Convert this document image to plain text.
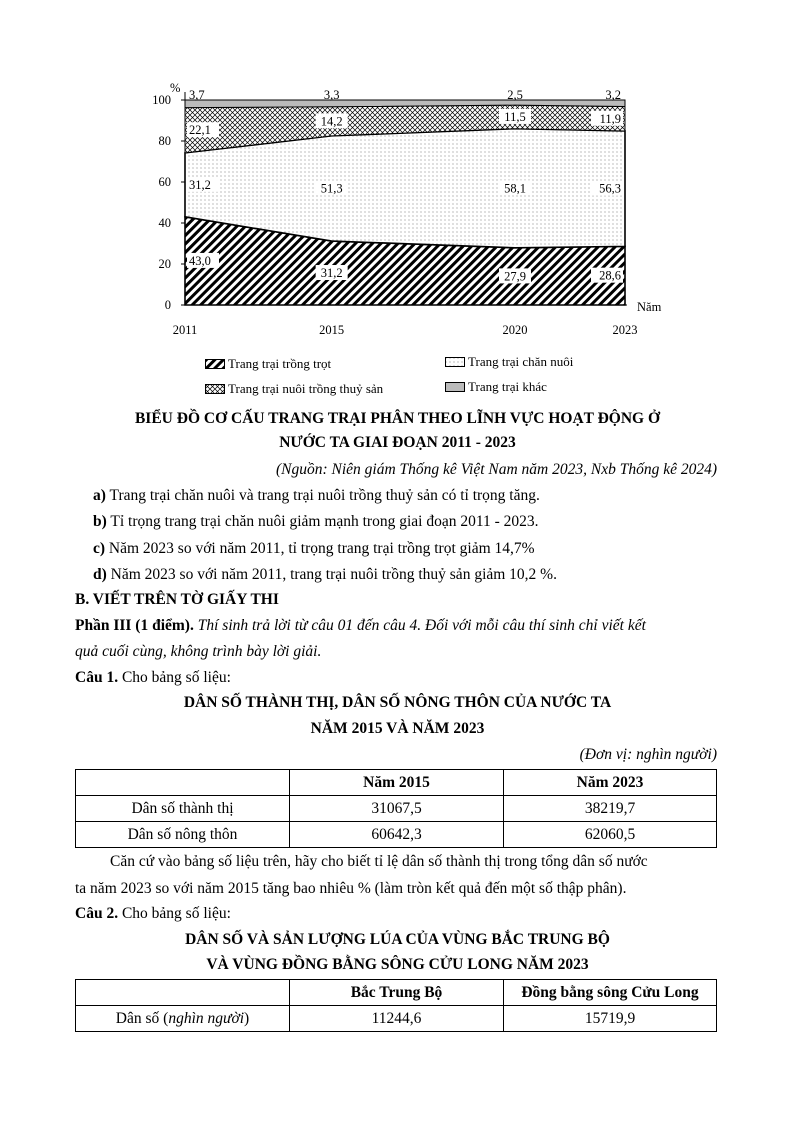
0
20
40
60
80
100
2011	2015	2020	2023
%
Năm
43,0
31,2	27,9	28,6
31,2	51,3	58,1	56,3
22,1
14,2	11,5	11,9
3,7	3,3	2,5	3,2
Trang trại trồng trọt	Trang trại chăn nuôi
Trang trại nuôi trồng thuỷ sản	Trang trại khác
BIỂU ĐỒ CƠ CẤU TRANG TRẠI PHÂN THEO LĨNH VỰC HOẠT ĐỘNG Ở
NƯỚC TA GIAI ĐOẠN 2011 - 2023
(Nguồn: Niên giám Thống kê Việt Nam năm 2023, Nxb Thống kê 2024)
a) Trang trại chăn nuôi và trang trại nuôi trồng thuỷ sản có tỉ trọng tăng.
b) Tỉ trọng trang trại chăn nuôi giảm mạnh trong giai đoạn 2011 - 2023.
c) Năm 2023 so với năm 2011, tỉ trọng trang trại trồng trọt giảm 14,7%
d) Năm 2023 so với năm 2011, trang trại nuôi trồng thuỷ sản giảm 10,2 %.
B. VIẾT TRÊN TỜ GIẤY THI
Phần III (1 điểm). Thí sinh trả lời từ câu 01 đến câu 4. Đối với mỗi câu thí sinh chỉ viết kết
quả cuối cùng, không trình bày lời giải.
Câu 1. Cho bảng số liệu:
DÂN SỐ THÀNH THỊ, DÂN SỐ NÔNG THÔN CỦA NƯỚC TA
NĂM 2015 VÀ NĂM 2023
(Đơn vị: nghìn người)
	Năm 2015	Năm 2023
Dân số thành thị	31067,5	38219,7
Dân số nông thôn	60642,3	62060,5
Căn cứ vào bảng số liệu trên, hãy cho biết tỉ lệ dân số thành thị trong tổng dân số nước
ta năm 2023 so với năm 2015 tăng bao nhiêu % (làm tròn kết quả đến một số thập phân).
Câu 2. Cho bảng số liệu:
DÂN SỐ VÀ SẢN LƯỢNG LÚA CỦA VÙNG BẮC TRUNG BỘ
VÀ VÙNG ĐỒNG BẰNG SÔNG CỬU LONG NĂM 2023
	Bắc Trung Bộ	Đồng bằng sông Cửu Long
Dân số (nghìn người)	11244,6	15719,9
